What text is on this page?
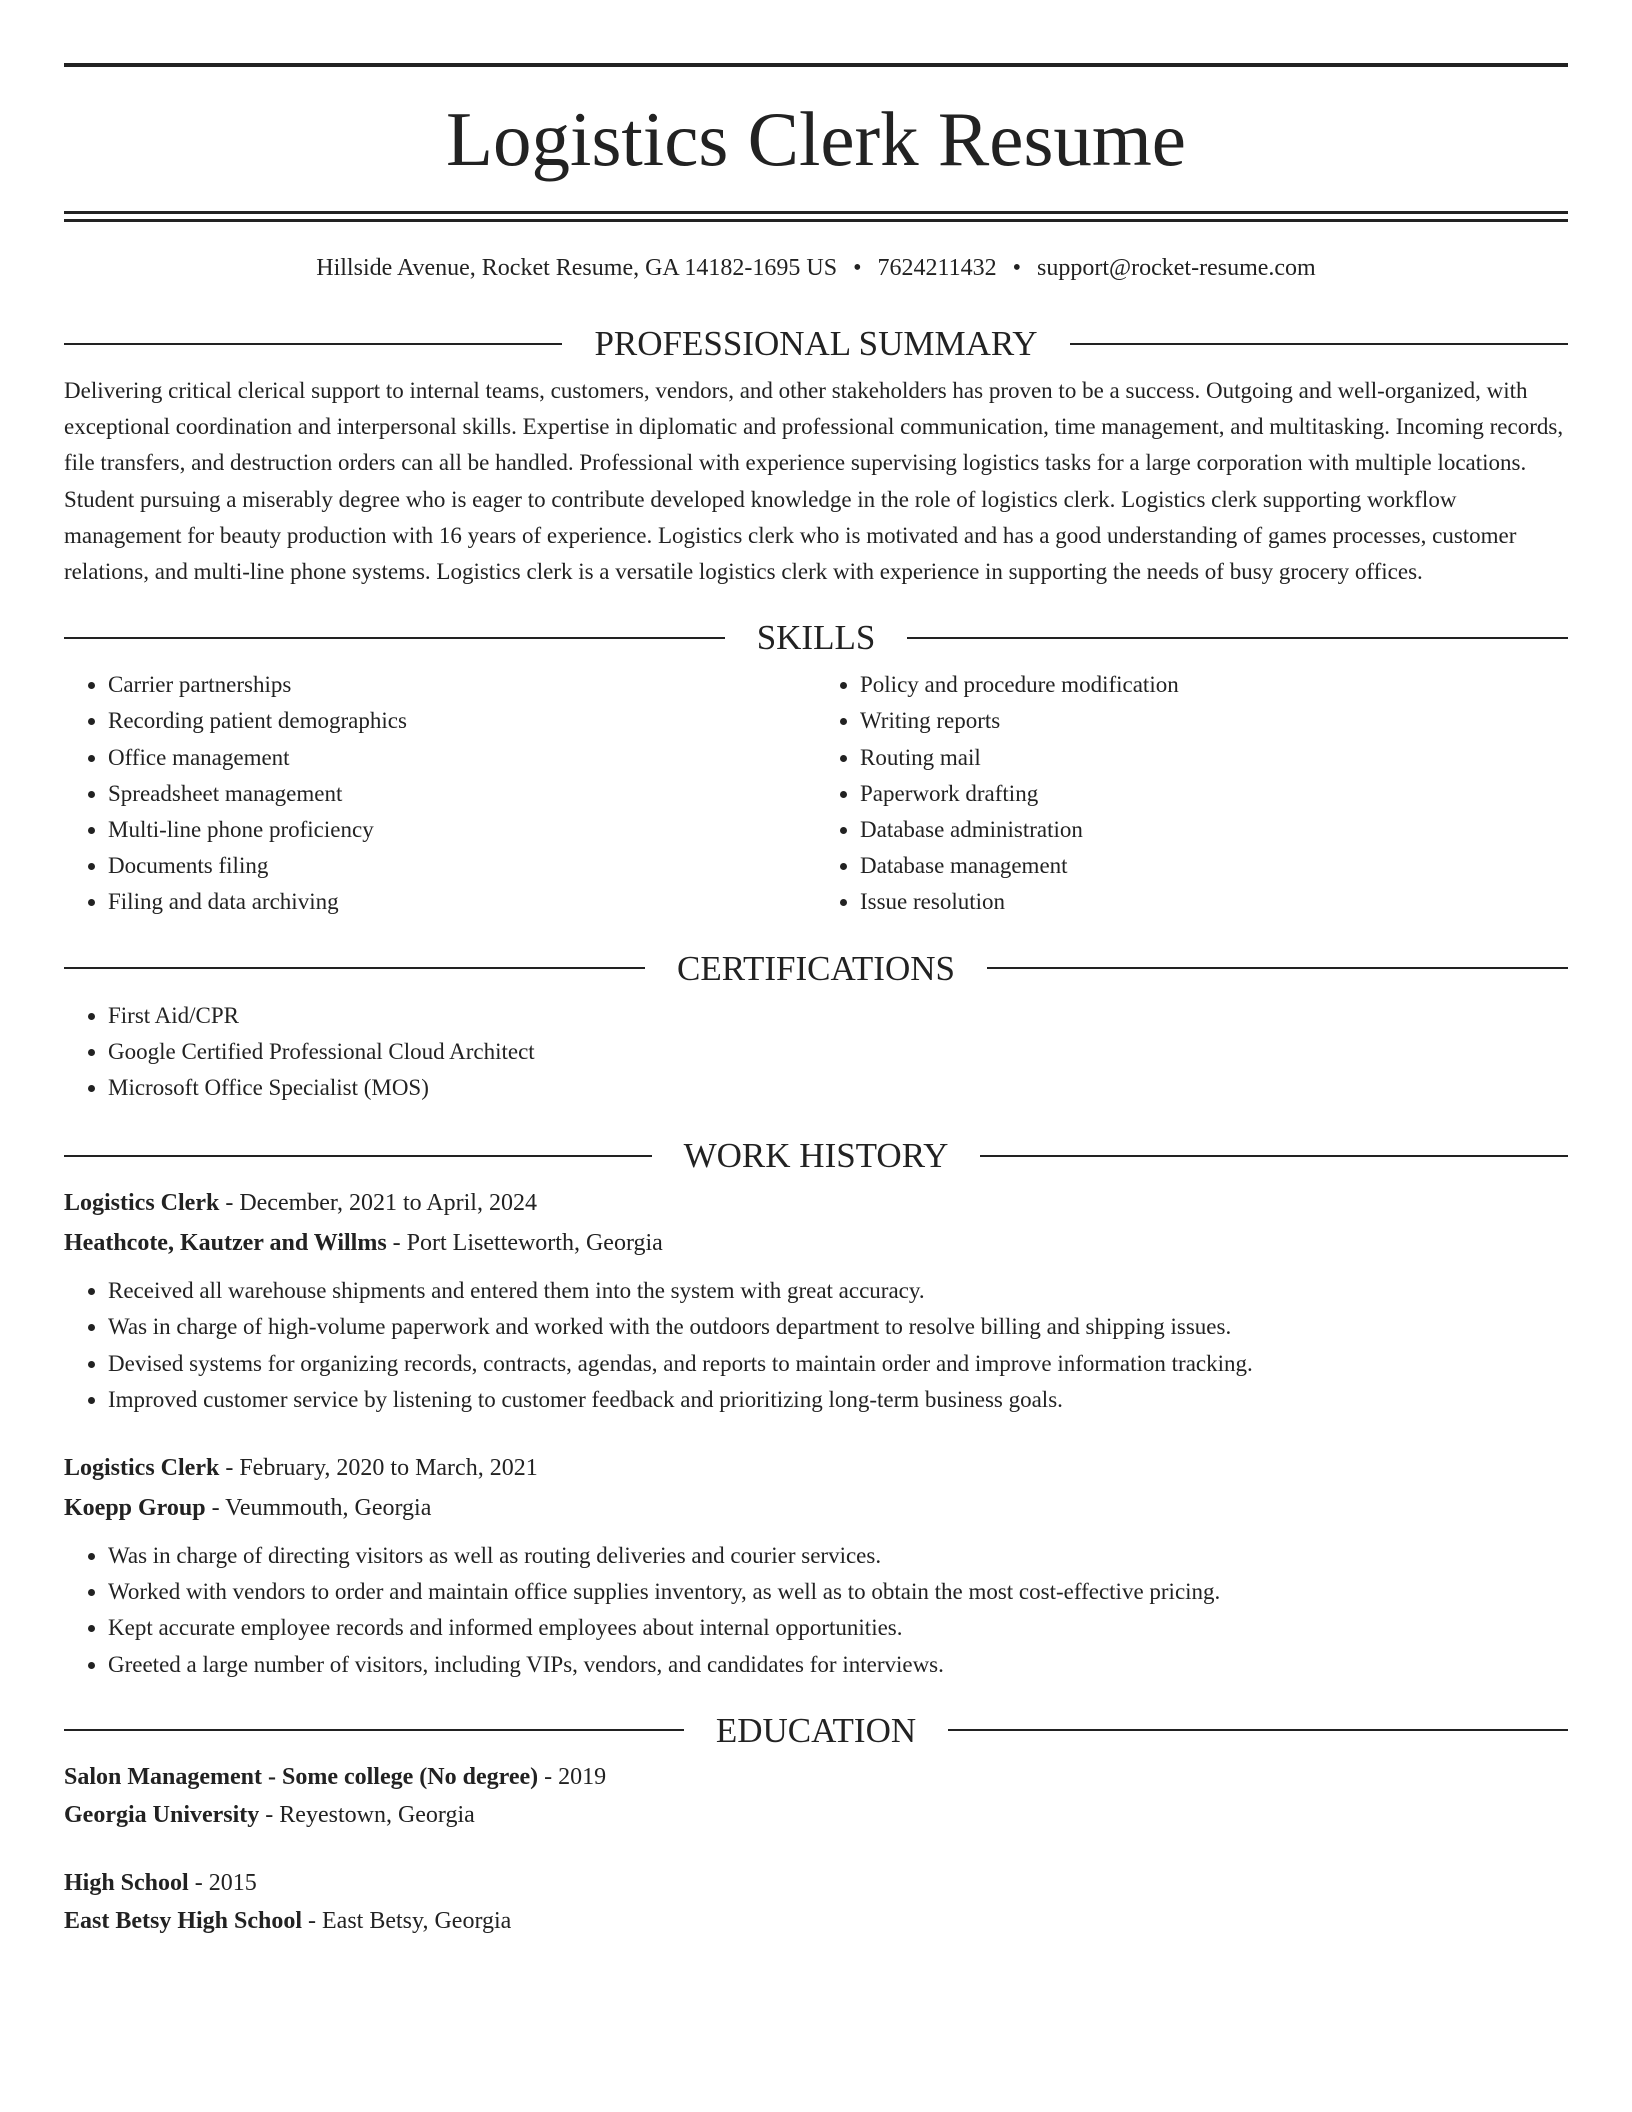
Logistics Clerk Resume
Hillside Avenue, Rocket Resume, GA 14182-1695 US • 7624211432 • support@rocket-resume.com
PROFESSIONAL SUMMARY

Delivering critical clerical support to internal teams, customers, vendors, and other stakeholders has proven to be a success. Outgoing and well-organized, with exceptional coordination and interpersonal skills. Expertise in diplomatic and professional communication, time management, and multitasking. Incoming records, file transfers, and destruction orders can all be handled. Professional with experience supervising logistics tasks for a large corporation with multiple locations. Student pursuing a miserably degree who is eager to contribute developed knowledge in the role of logistics clerk. Logistics clerk supporting workflow management for beauty production with 16 years of experience. Logistics clerk who is motivated and has a good understanding of games processes, customer relations, and multi-line phone systems. Logistics clerk is a versatile logistics clerk with experience in supporting the needs of busy grocery offices.

SKILLS
• Carrier partnerships
• Recording patient demographics
• Office management
• Spreadsheet management
• Multi-line phone proficiency
• Documents filing
• Filing and data archiving
• Policy and procedure modification
• Writing reports
• Routing mail
• Paperwork drafting
• Database administration
• Database management
• Issue resolution
CERTIFICATIONS
• First Aid/CPR
• Google Certified Professional Cloud Architect
• Microsoft Office Specialist (MOS)
WORK HISTORY
Logistics Clerk - December, 2021 to April, 2024
Heathcote, Kautzer and Willms - Port Lisetteworth, Georgia
• Received all warehouse shipments and entered them into the system with great accuracy.
• Was in charge of high-volume paperwork and worked with the outdoors department to resolve billing and shipping issues.
• Devised systems for organizing records, contracts, agendas, and reports to maintain order and improve information tracking.
• Improved customer service by listening to customer feedback and prioritizing long-term business goals.
Logistics Clerk - February, 2020 to March, 2021
Koepp Group - Veummouth, Georgia
• Was in charge of directing visitors as well as routing deliveries and courier services.
• Worked with vendors to order and maintain office supplies inventory, as well as to obtain the most cost-effective pricing.
• Kept accurate employee records and informed employees about internal opportunities.
• Greeted a large number of visitors, including VIPs, vendors, and candidates for interviews.
EDUCATION
Salon Management - Some college (No degree) - 2019
Georgia University - Reyestown, Georgia
High School - 2015
East Betsy High School - East Betsy, Georgia
